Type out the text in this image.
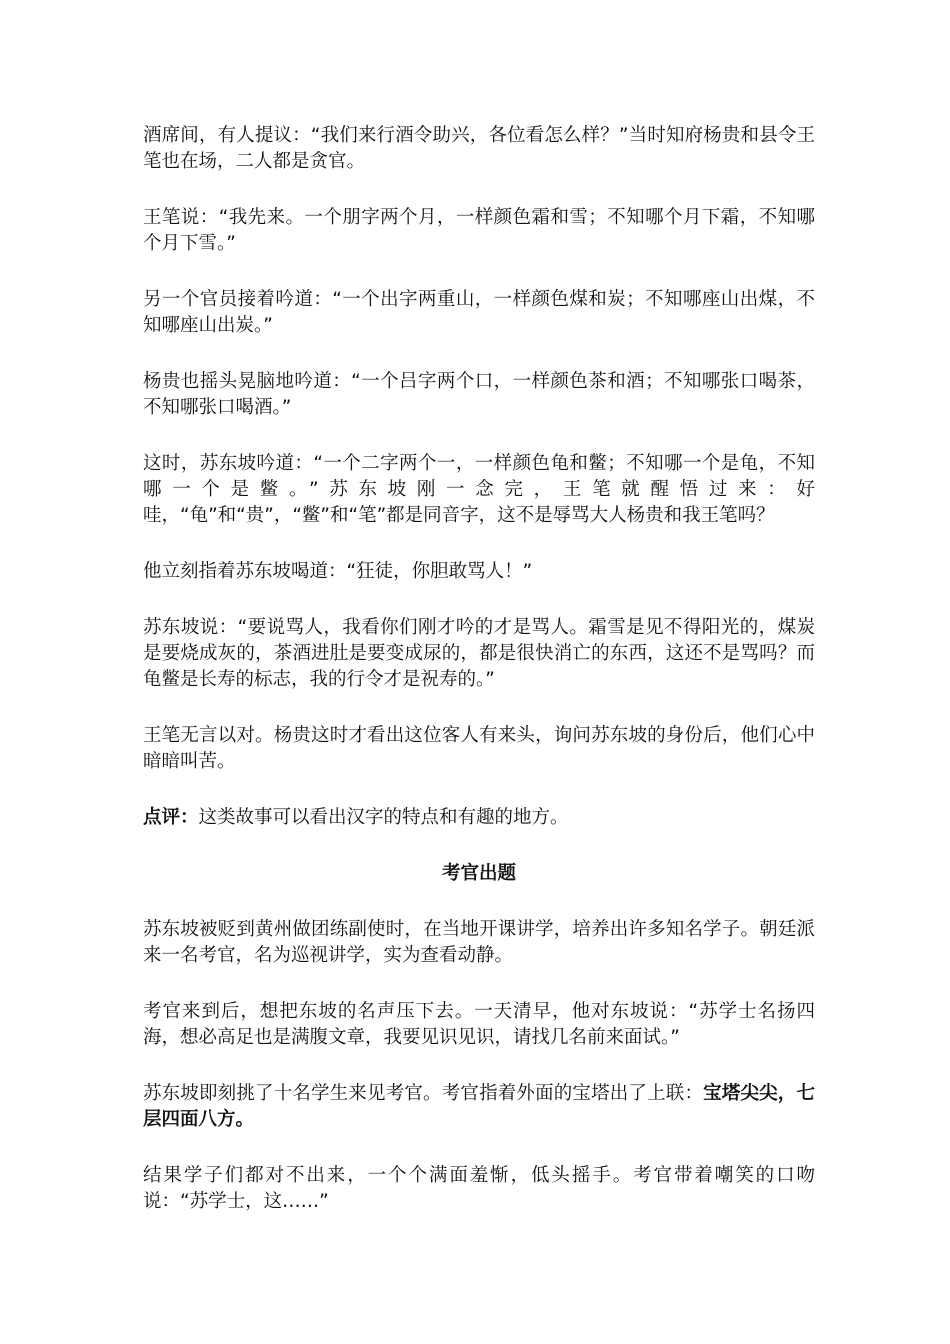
酒席间，有人提议：“我们来行酒令助兴，各位看怎么样？”当时知府杨贵和县令王笔也在场，二人都是贪官。

王笔说：“我先来。一个朋字两个月，一样颜色霜和雪；不知哪个月下霜，不知哪个月下雪。”

另一个官员接着吟道：“一个出字两重山，一样颜色煤和炭；不知哪座山出煤，不知哪座山出炭。”

杨贵也摇头晃脑地吟道：“一个吕字两个口，一样颜色茶和酒；不知哪张口喝茶，不知哪张口喝酒。”

这时，苏东坡吟道：“一个二字两个一，一样颜色龟和鳖；不知哪一个是龟，不知哪一个是鳖。”苏东坡刚一念完，王笔就醒悟过来：好哇，“龟”和“贵”，“鳖”和“笔”都是同音字，这不是辱骂大人杨贵和我王笔吗？

他立刻指着苏东坡喝道：“狂徒，你胆敢骂人！”

苏东坡说：“要说骂人，我看你们刚才吟的才是骂人。霜雪是见不得阳光的，煤炭是要烧成灰的，茶酒进肚是要变成尿的，都是很快消亡的东西，这还不是骂吗？而龟鳖是长寿的标志，我的行令才是祝寿的。”

王笔无言以对。杨贵这时才看出这位客人有来头，询问苏东坡的身份后，他们心中暗暗叫苦。

点评：这类故事可以看出汉字的特点和有趣的地方。

考官出题

苏东坡被贬到黄州做团练副使时，在当地开课讲学，培养出许多知名学子。朝廷派来一名考官，名为巡视讲学，实为查看动静。

考官来到后，想把东坡的名声压下去。一天清早，他对东坡说：“苏学士名扬四海，想必高足也是满腹文章，我要见识见识，请找几名前来面试。”

苏东坡即刻挑了十名学生来见考官。考官指着外面的宝塔出了上联：宝塔尖尖，七层四面八方。

结果学子们都对不出来，一个个满面羞惭，低头摇手。考官带着嘲笑的口吻说：“苏学士，这……”
